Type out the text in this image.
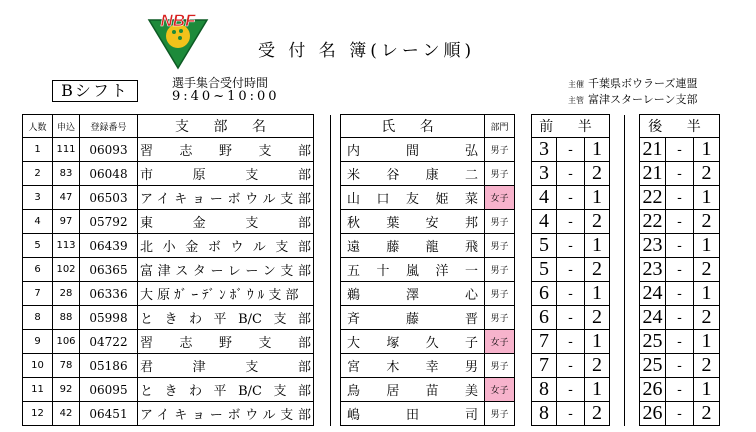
NBF
受 付 名 簿(レーン順)
Bシフト	選手集合受付時間
9:40~10:00
主催 千葉県ボウラーズ連盟
主管 富津スターレーン支部
人数	申込	登録番号	支 部 名			氏 名	部門		前 半					後 半		
1	111	06093	習志野支部			内間弘	男子		3	-	1			21	-	1
2	83	06048	市原支部			米谷康二	男子		3	-	2			21	-	2
3	47	06503	アイキョーボウル支部			山口友姫菜	女子		4	-	1			22	-	1
4	97	05792	東金支部			秋葉安邦	男子		4	-	2			22	-	2
5	113	06439	北小金ボウル支部			遠藤龍飛	男子		5	-	1			23	-	1
6	102	06365	富津スターレーン支部			五十嵐洋一	男子		5	-	2			23	-	2
7	28	06336	大原ｶﾞｰﾃﾞﾝﾎﾞｳﾙ支部			鵜澤心	男子		6	-	1			24	-	1
8	88	05998	ときわ平B/C支部			斉藤晋	男子		6	-	2			24	-	2
9	106	04722	習志野支部			大塚久子	女子		7	-	1			25	-	1
10	78	05186	君津支部			宮木幸男	男子		7	-	2			25	-	2
11	92	06095	ときわ平B/C支部			鳥居苗美	女子		8	-	1			26	-	1
12	42	06451	アイキョーボウル支部			嶋田司	男子		8	-	2			26	-	2
